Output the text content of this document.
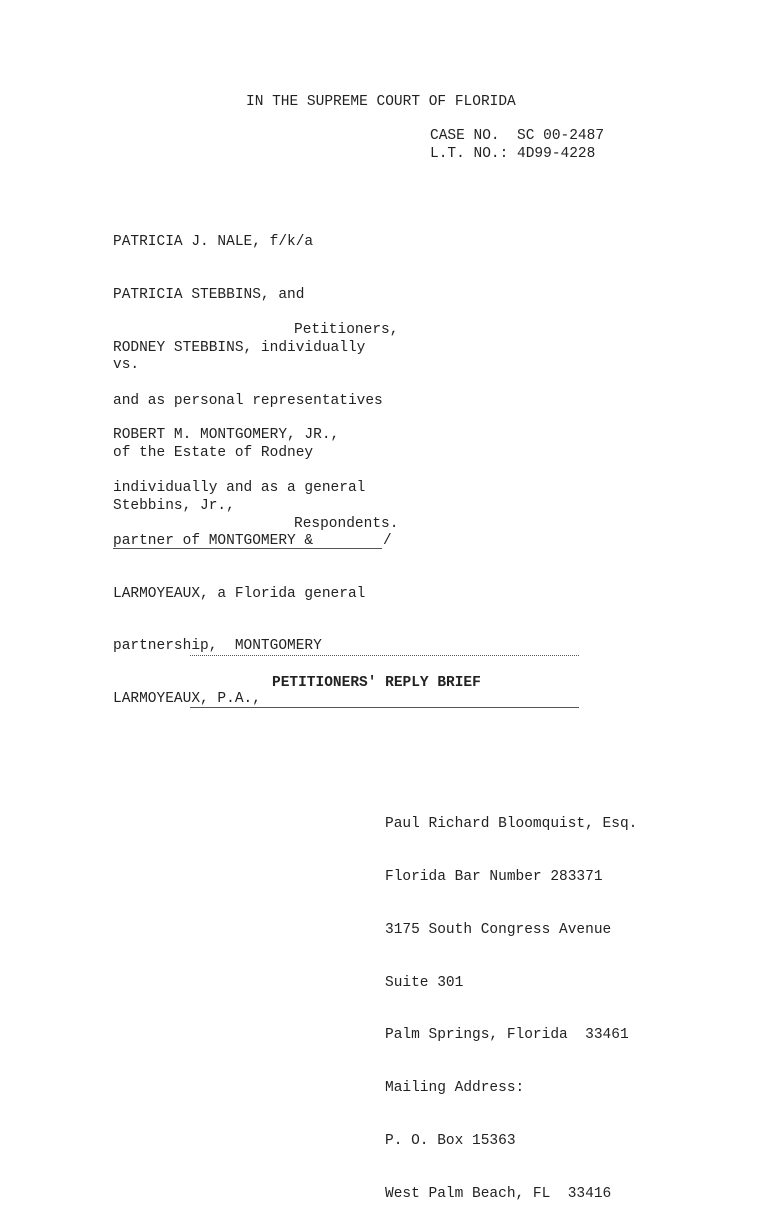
IN THE SUPREME COURT OF FLORIDA
CASE NO.  SC 00-2487
L.T. NO.: 4D99-4228

PATRICIA J. NALE, f/k/a

PATRICIA STEBBINS, and

RODNEY STEBBINS, individually

and as personal representatives

of the Estate of Rodney

Stebbins, Jr.,

Petitioners,
vs.

ROBERT M. MONTGOMERY, JR.,

individually and as a general

partner of MONTGOMERY &

LARMOYEAUX, a Florida general

partnership,  MONTGOMERY

LARMOYEAUX, P.A.,

Respondents.
/
PETITIONERS' REPLY BRIEF

Paul Richard Bloomquist, Esq.

Florida Bar Number 283371

3175 South Congress Avenue

Suite 301

Palm Springs, Florida  33461

Mailing Address:

P. O. Box 15363

West Palm Beach, FL  33416
